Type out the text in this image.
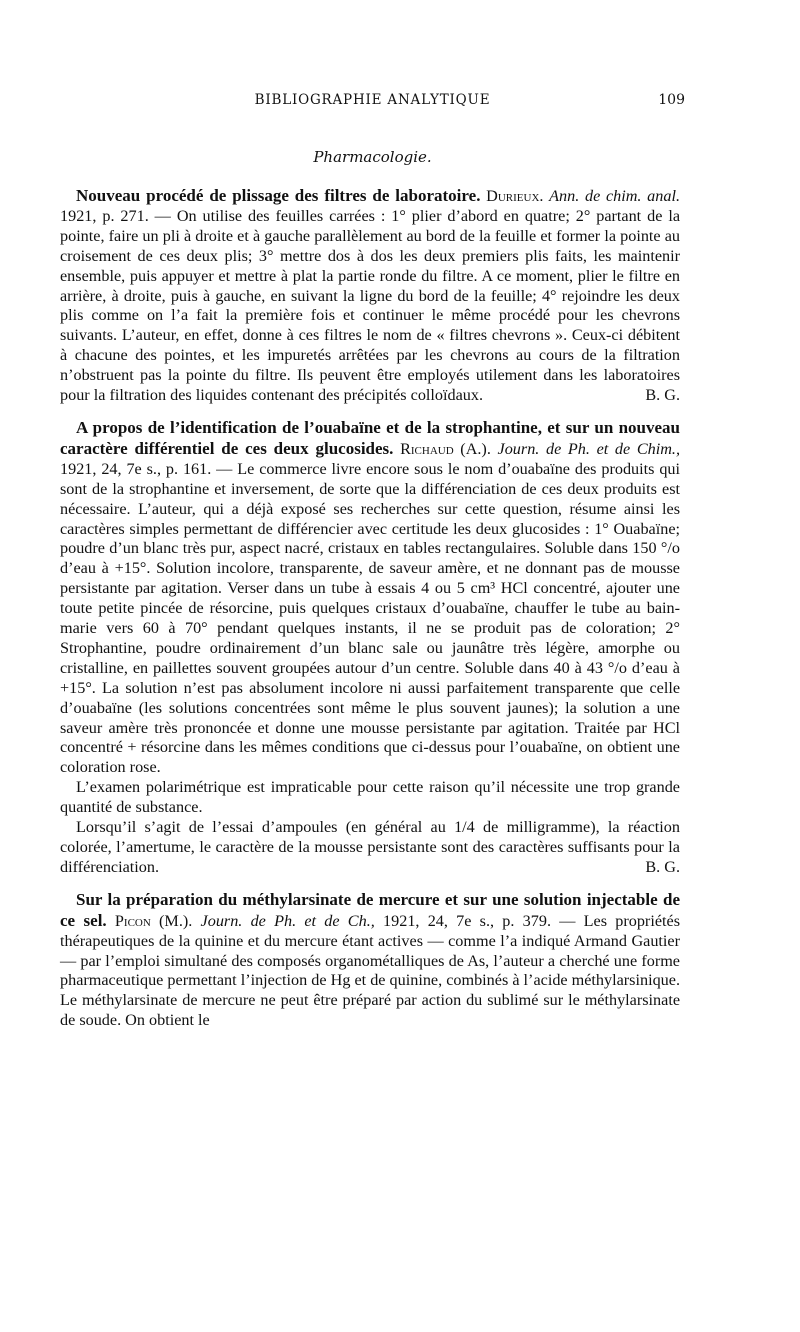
BIBLIOGRAPHIE ANALYTIQUE	109
Pharmacologie.

Nouveau procédé de plissage des filtres de laboratoire. Durieux. Ann. de chim. anal. 1921, p. 271. — On utilise des feuilles carrées : 1° plier d’abord en quatre; 2° partant de la pointe, faire un pli à droite et à gauche parallèlement au bord de la feuille et former la pointe au croisement de ces deux plis; 3° mettre dos à dos les deux premiers plis faits, les maintenir ensemble, puis appuyer et mettre à plat la partie ronde du filtre. A ce moment, plier le filtre en arrière, à droite, puis à gauche, en suivant la ligne du bord de la feuille; 4° rejoindre les deux plis comme on l’a fait la première fois et continuer le même procédé pour les chevrons suivants. L’auteur, en effet, donne à ces filtres le nom de « filtres chevrons ». Ceux-ci débitent à chacune des pointes, et les impuretés arrêtées par les chevrons au cours de la filtration n’obstruent pas la pointe du filtre. Ils peuvent être employés utilement dans les laboratoires pour la filtration des liquides contenant des précipités colloïdaux.	B. G.

A propos de l’identification de l’ouabaïne et de la strophantine, et sur un nouveau caractère différentiel de ces deux glucosides. Richaud (A.). Journ. de Ph. et de Chim., 1921, 24, 7e s., p. 161. — Le commerce livre encore sous le nom d’ouabaïne des produits qui sont de la strophantine et inversement, de sorte que la différenciation de ces deux produits est nécessaire. L’auteur, qui a déjà exposé ses recherches sur cette question, résume ainsi les caractères simples permettant de différencier avec certitude les deux glucosides : 1° Ouabaïne; poudre d’un blanc très pur, aspect nacré, cristaux en tables rectangulaires. Soluble dans 150 °/o d’eau à +15°. Solution incolore, transparente, de saveur amère, et ne donnant pas de mousse persistante par agitation. Verser dans un tube à essais 4 ou 5 cm³ HCl concentré, ajouter une toute petite pincée de résorcine, puis quelques cristaux d’ouabaïne, chauffer le tube au bain-marie vers 60 à 70° pendant quelques instants, il ne se produit pas de coloration; 2° Strophantine, poudre ordinairement d’un blanc sale ou jaunâtre très légère, amorphe ou cristalline, en paillettes souvent groupées autour d’un centre. Soluble dans 40 à 43 °/o d’eau à +15°. La solution n’est pas absolument incolore ni aussi parfaitement transparente que celle d’ouabaïne (les solutions concentrées sont même le plus souvent jaunes); la solution a une saveur amère très prononcée et donne une mousse persistante par agitation. Traitée par HCl concentré + résorcine dans les mêmes conditions que ci-dessus pour l’ouabaïne, on obtient une coloration rose.

L’examen polarimétrique est impraticable pour cette raison qu’il nécessite une trop grande quantité de substance.

Lorsqu’il s’agit de l’essai d’ampoules (en général au 1/4 de milligramme), la réaction colorée, l’amertume, le caractère de la mousse persistante sont des caractères suffisants pour la différenciation.	B. G.

Sur la préparation du méthylarsinate de mercure et sur une solution injectable de ce sel. Picon (M.). Journ. de Ph. et de Ch., 1921, 24, 7e s., p. 379. — Les propriétés thérapeutiques de la quinine et du mercure étant actives — comme l’a indiqué Armand Gautier — par l’emploi simultané des composés organométalliques de As, l’auteur a cherché une forme pharmaceutique permettant l’injection de Hg et de quinine, combinés à l’acide méthylarsinique. Le méthylarsinate de mercure ne peut être préparé par action du sublimé sur le méthylarsinate de soude. On obtient le
